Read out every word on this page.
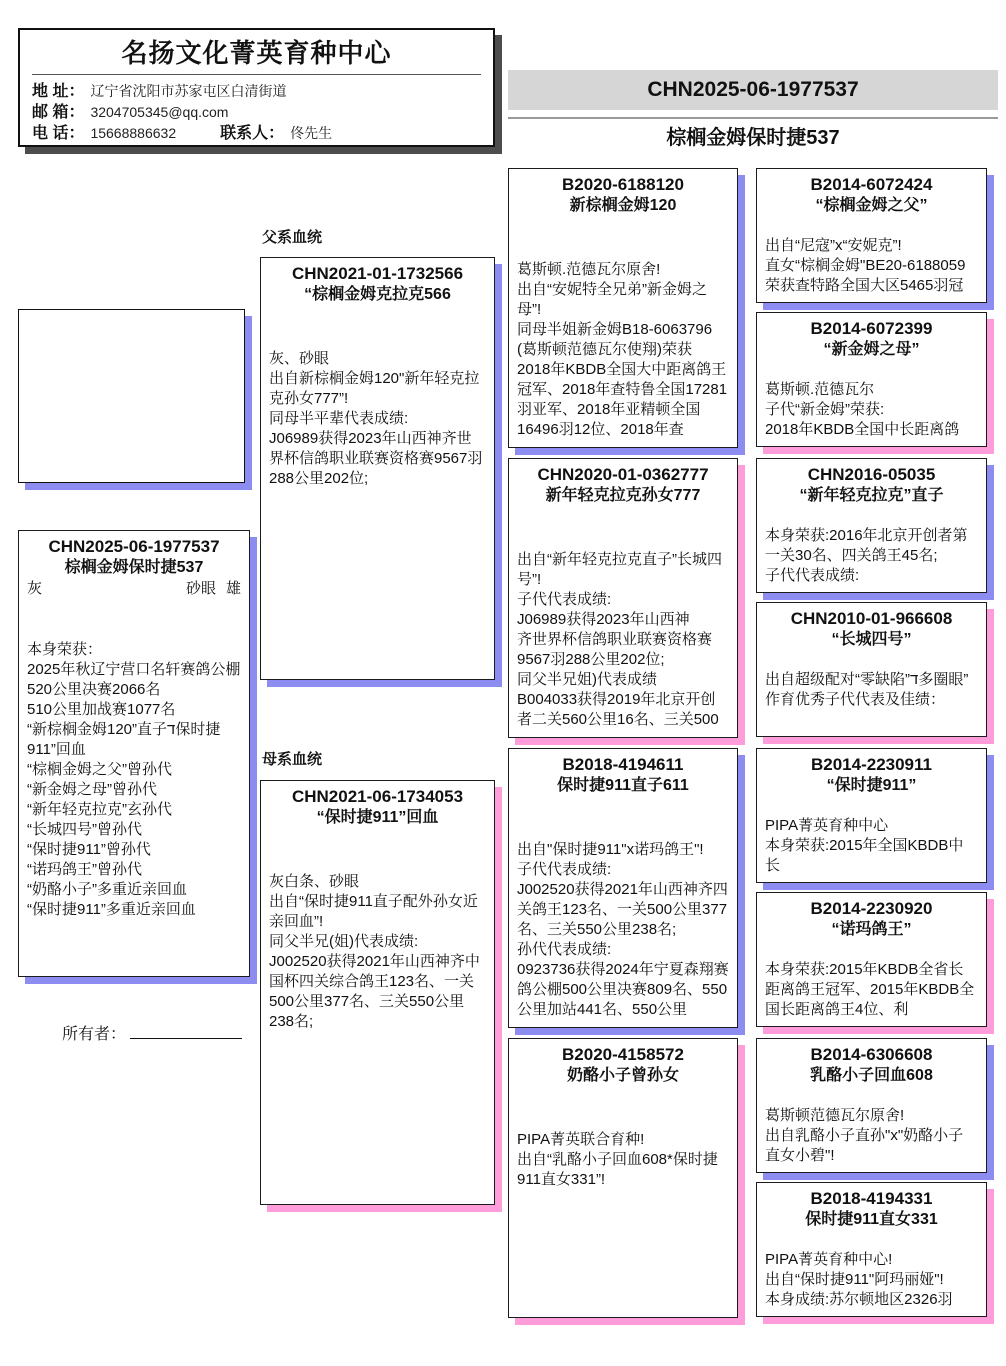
名扬文化菁英育种中心
地 址： 辽宁省沈阳市苏家屯区白清街道
邮 箱： 3204705345@qq.com
电 话： 15668886632	联系人： 佟先生
CHN2025-06-1977537
棕榈金姆保时捷537
父系血统
母系血统
CHN2025-06-1977537
棕榈金姆保时捷537
灰	砂眼 雄
本身荣获：
2025年秋辽宁营口名轩赛鸽公棚
520公里决赛2066名
510公里加战赛1077名
“新棕榈金姆120”直子ד保时捷911”回血
“棕榈金姆之父”曾孙代
“新金姆之母”曾孙代
“新年轻克拉克”玄孙代
“长城四号”曾孙代
“保时捷911”曾孙代
“诺玛鸽王”曾孙代
“奶酪小子”多重近亲回血
“保时捷911”多重近亲回血
所有者：
CHN2021-01-1732566
“棕榈金姆克拉克566
灰、砂眼
出自新棕榈金姆120"新年轻克拉克孙女777”!
同母半平辈代表成绩:
J06989获得2023年山西神齐世界杯信鸽职业联赛资格赛9567羽288公里202位;
CHN2021-06-1734053
“保时捷911”回血
灰白条、砂眼
出自“保时捷911直子配外孙女近亲回血”!
同父半兄(姐)代表成绩:
J002520获得2021年山西神齐中国杯四关综合鸽王123名、一关500公里377名、三关550公里238名;
B2020-6188120
新棕榈金姆120
葛斯顿.范德瓦尔原舍!
出自“安妮特全兄弟”新金姆之母”!
同母半姐新金姆B18-6063796
(葛斯顿范德瓦尔使翔)荣获
2018年KBDB全国大中距离鸽王冠军、2018年查特鲁全国17281羽亚军、2018年亚精顿全国16496羽12位、2018年查
CHN2020-01-0362777
新年轻克拉克孙女777
出自“新年轻克拉克直子”长城四号”!
子代代表成绩:
J06989获得2023年山西神
齐世界杯信鸽职业联赛资格赛9567羽288公里202位;
同父半兄姐)代表成绩
B004033获得2019年北京开创者二关560公里16名、三关500
B2018-4194611
保时捷911直子611
出自"保时捷911"x诺玛鸽王"!
子代代表成绩:
J002520获得2021年山西神齐四关鸽王123名、一关500公里377名、三关550公里238名;
孙代代表成绩:
0923736获得2024年宁夏森翔赛鸽公棚500公里决赛809名、550公里加站441名、550公里
B2020-4158572
奶酪小子曾孙女
PIPA菁英联合育种!
出自“乳酪小子回血608*保时捷911直女331”!
B2014-6072424
“棕榈金姆之父”
出自“尼寇”x“安妮克”!
直女“棕榈金姆"BE20-6188059荣获查特路全国大区5465羽冠
B2014-6072399
“新金姆之母”
葛斯顿.范德瓦尔
子代“新金姆”荣获:
2018年KBDB全国中长距离鸽
CHN2016-05035
“新年轻克拉克”直子
本身荣获:2016年北京开创者第一关30名、四关鸽王45名;
子代代表成绩:
CHN2010-01-966608
“长城四号”
出自超级配对“零缺陷”ד多圈眼”
作育优秀子代代表及佳绩：
B2014-2230911
“保时捷911”
PIPA菁英育种中心
本身荣获:2015年全国KBDB中长
B2014-2230920
“诺玛鸽王”
本身荣获:2015年KBDB全省长距离鸽王冠军、2015年KBDB全国长距离鸽王4位、利
B2014-6306608
乳酪小子回血608
葛斯顿范德瓦尔原舍!
出自乳酪小子直孙"x"奶酪小子直女小碧"!
B2018-4194331
保时捷911直女331
PIPA菁英育种中心!
出自“保时捷911"阿玛丽娅"!
本身成绩:苏尔顿地区2326羽
